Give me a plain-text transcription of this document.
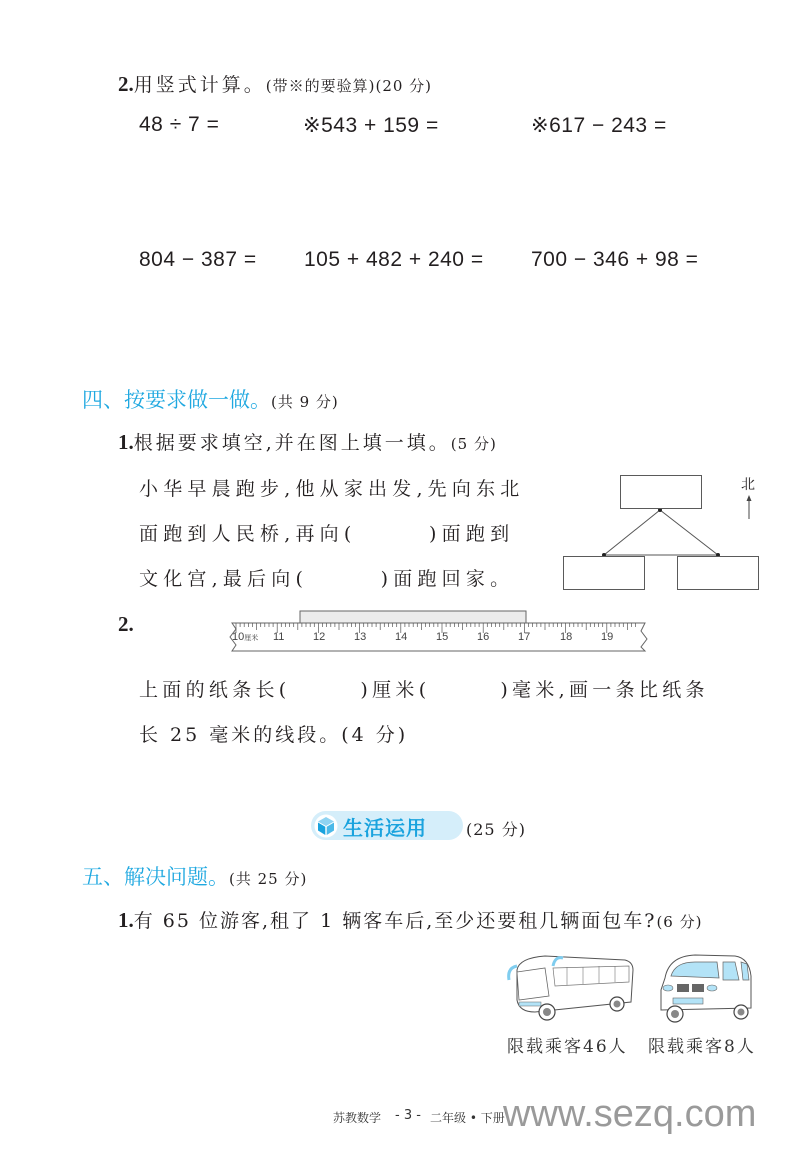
2.用竖式计算。(带※的要验算)(20 分)
48 ÷ 7 =	※543 + 159 =	※617 − 243 =
804 − 387 = 105 + 482 + 240 = 700 − 346 + 98 =
四、按要求做一做。(共 9 分)
1.根据要求填空,并在图上填一填。(5 分)
小华早晨跑步,他从家出发,先向东北
面跑到人民桥,再向(　　　)面跑到
文化宫,最后向(　　　)面跑回家。
北
2.
10厘米 11	12	13	14	15	16	17	18	19
上面的纸条长(　　　)厘米(　　　)毫米,画一条比纸条
长 25 毫米的线段。(4 分)
生活运用 (25 分)
五、解决问题。(共 25 分)
1.有 65 位游客,租了 1 辆客车后,至少还要租几辆面包车?(6 分)
限载乘客46人 限载乘客8人
苏教数学 - 3 - 二年级 • 下册
www.sezq.com
